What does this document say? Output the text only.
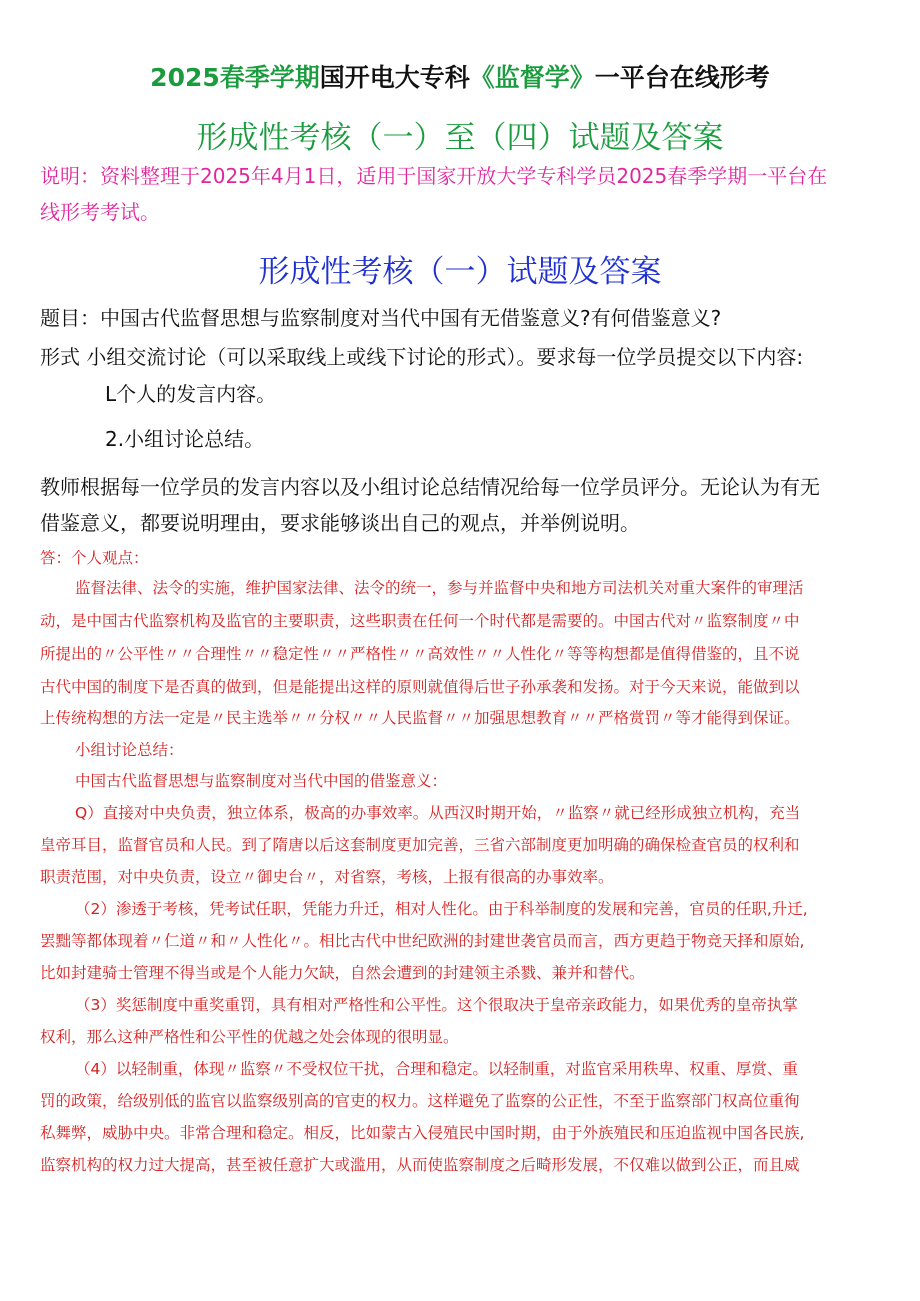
2025春季学期国开电大专科《监督学》一平台在线形考
形成性考核（一）至（四）试题及答案
说明：资料整理于2025年4月1日，适用于国家开放大学专科学员2025春季学期一平台在
线形考考试。
形成性考核（一）试题及答案
题目：中国古代监督思想与监察制度对当代中国有无借鉴意义?有何借鉴意义?
形式 小组交流讨论（可以采取线上或线下讨论的形式）。要求每一位学员提交以下内容:
L个人的发言内容。
2.小组讨论总结。
教师根据每一位学员的发言内容以及小组讨论总结情况给每一位学员评分。无论认为有无
借鉴意义，都要说明理由，要求能够谈出自己的观点，并举例说明。
答：个人观点：
监督法律、法令的实施，维护国家法律、法令的统一，参与并监督中央和地方司法机关对重大案件的审理活
动，是中国古代监察机构及监官的主要职责，这些职责在任何一个时代都是需要的。中国古代对〃监察制度〃中
所提出的〃公平性〃〃合理性〃〃稳定性〃〃严格性〃〃高效性〃〃人性化〃等等构想都是值得借鉴的，且不说
古代中国的制度下是否真的做到，但是能提出这样的原则就值得后世子孙承袭和发扬。对于今天来说，能做到以
上传统构想的方法一定是〃民主选举〃〃分权〃〃人民监督〃〃加强思想教育〃〃严格赏罚〃等才能得到保证。
小组讨论总结：
中国古代监督思想与监察制度对当代中国的借鉴意义：
Q）直接对中央负责，独立体系，极高的办事效率。从西汉时期开始，〃监察〃就已经形成独立机构，充当
皇帝耳目，监督官员和人民。到了隋唐以后这套制度更加完善，三省六部制度更加明确的确保检查官员的权利和
职责范围，对中央负责，设立〃御史台〃，对省察，考核，上报有很高的办事效率。
（2）渗透于考核，凭考试任职，凭能力升迁，相对人性化。由于科举制度的发展和完善，官员的任职,升迁,
罢黜等都体现着〃仁道〃和〃人性化〃。相比古代中世纪欧洲的封建世袭官员而言，西方更趋于物竞天择和原始,
比如封建骑士管理不得当或是个人能力欠缺，自然会遭到的封建领主杀戮、兼并和替代。
（3）奖惩制度中重奖重罚，具有相对严格性和公平性。这个很取决于皇帝亲政能力，如果优秀的皇帝执掌
权利，那么这种严格性和公平性的优越之处会体现的很明显。
（4）以轻制重，体现〃监察〃不受权位干扰，合理和稳定。以轻制重，对监官采用秩卑、权重、厚赏、重
罚的政策，给级别低的监官以监察级别高的官吏的权力。这样避免了监察的公正性，不至于监察部门权高位重徇
私舞弊，威胁中央。非常合理和稳定。相反，比如蒙古入侵殖民中国时期，由于外族殖民和压迫监视中国各民族,
监察机构的权力过大提高，甚至被任意扩大或滥用，从而使监察制度之后畸形发展，不仅难以做到公正，而且威
